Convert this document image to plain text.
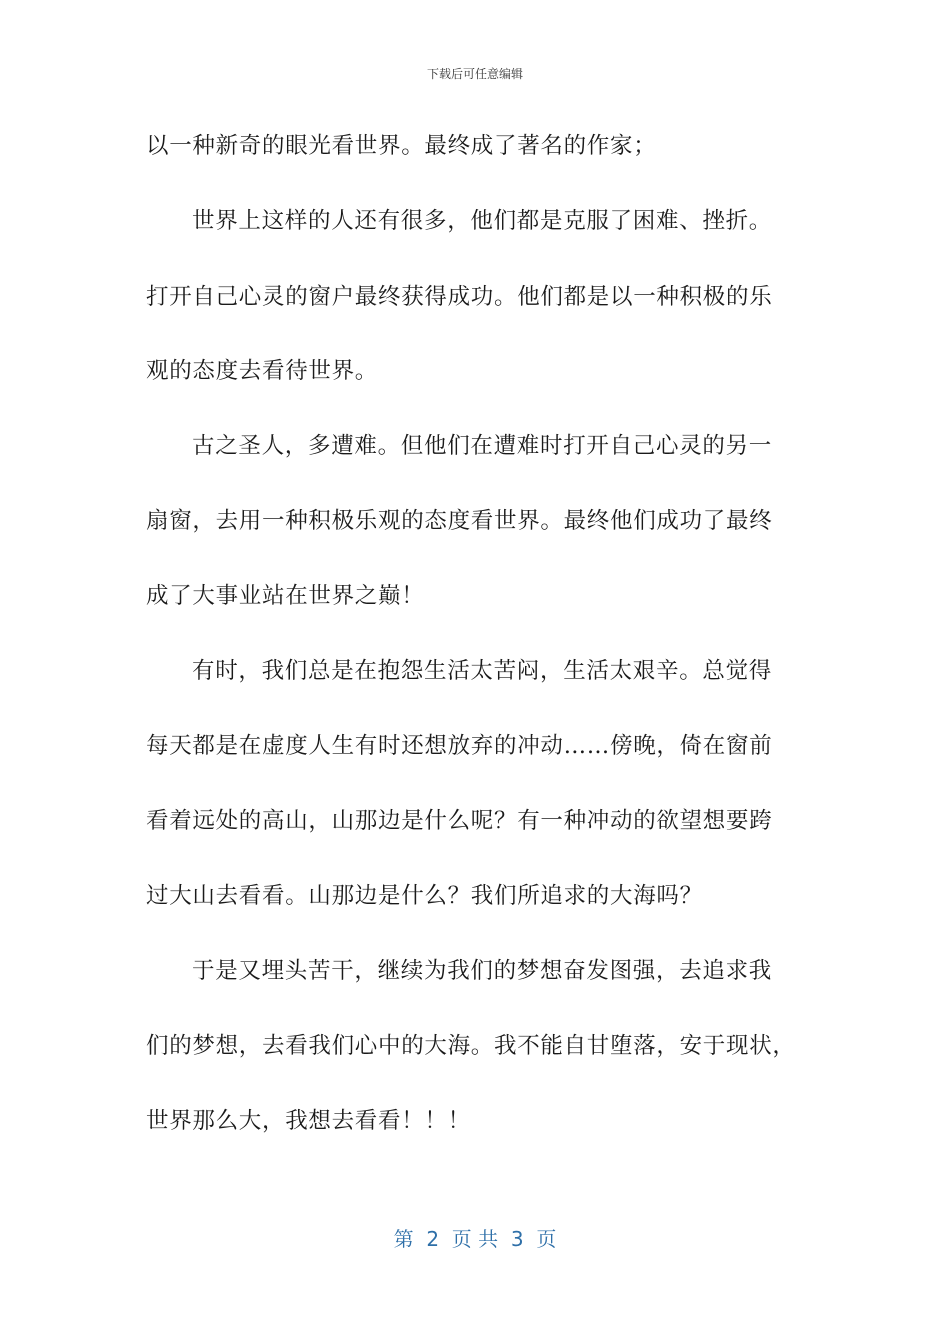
下载后可任意编辑
以一种新奇的眼光看世界。最终成了著名的作家；
世界上这样的人还有很多，他们都是克服了困难、挫折。
打开自己心灵的窗户最终获得成功。他们都是以一种积极的乐
观的态度去看待世界。
古之圣人，多遭难。但他们在遭难时打开自己心灵的另一
扇窗，去用一种积极乐观的态度看世界。最终他们成功了最终
成了大事业站在世界之巅！
有时，我们总是在抱怨生活太苦闷，生活太艰辛。总觉得
每天都是在虚度人生有时还想放弃的冲动……傍晚，倚在窗前
看着远处的高山，山那边是什么呢？有一种冲动的欲望想要跨
过大山去看看。山那边是什么？我们所追求的大海吗？
于是又埋头苦干，继续为我们的梦想奋发图强，去追求我
们的梦想，去看我们心中的大海。我不能自甘堕落，安于现状，
世界那么大，我想去看看！！！
第  2  页 共  3  页
